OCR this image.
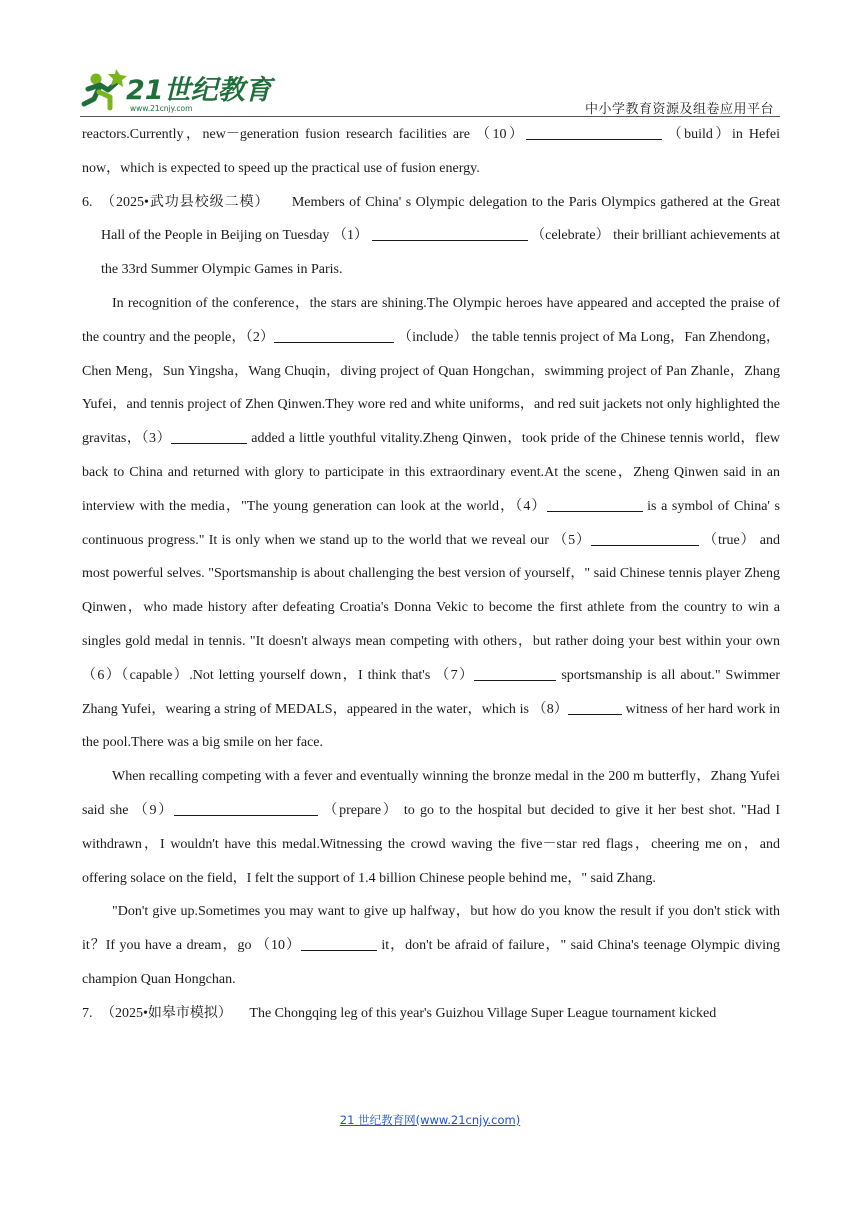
21世纪教育
www.21cnjy.com	中小学教育资源及组卷应用平台

reactors.Currently，new－generation fusion research facilities are （10）	（build）in Hefei now，which is expected to speed up the practical use of fusion energy.

6. （2025•武功县校级二模） Members of China' s Olympic delegation to the Paris Olympics gathered at the Great Hall of the People in Beijing on Tuesday （1）	（celebrate） their brilliant achievements at the 33rd Summer Olympic Games in Paris.

In recognition of the conference，the stars are shining.The Olympic heroes have appeared and accepted the praise of the country and the people，（2）	（include） the table tennis project of Ma Long，Fan Zhendong，Chen Meng，Sun Yingsha，Wang Chuqin，diving project of Quan Hongchan，swimming project of Pan Zhanle，Zhang Yufei，and tennis project of Zhen Qinwen.They wore red and white uniforms，and red suit jackets not only highlighted the gravitas，（3）	added a little youthful vitality.Zheng Qinwen，took pride of the Chinese tennis world，flew back to China and returned with glory to participate in this extraordinary event.At the scene，Zheng Qinwen said in an interview with the media，"The young generation can look at the world，（4）	is a symbol of China' s continuous progress." It is only when we stand up to the world that we reveal our （5）	（true） and most powerful selves. "Sportsmanship is about challenging the best version of yourself，" said Chinese tennis player Zheng Qinwen，who made history after defeating Croatia's Donna Vekic to become the first athlete from the country to win a singles gold medal in tennis. "It doesn't always mean competing with others，but rather doing your best within your own （6）（capable）.Not letting yourself down，I think that's （7）	sportsmanship is all about." Swimmer Zhang Yufei，wearing a string of MEDALS，appeared in the water，which is （8）	witness of her hard work in the pool.There was a big smile on her face.

When recalling competing with a fever and eventually winning the bronze medal in the 200 m butterfly，Zhang Yufei said she （9）	（prepare） to go to the hospital but decided to give it her best shot. "Had I withdrawn，I wouldn't have this medal.Witnessing the crowd waving the five－star red flags，cheering me on，and offering solace on the field，I felt the support of 1.4 billion Chinese people behind me，" said Zhang.

"Don't give up.Sometimes you may want to give up halfway，but how do you know the result if you don't stick with it？If you have a dream，go （10）	it，don't be afraid of failure，" said China's teenage Olympic diving champion Quan Hongchan.

7. （2025•如皋市模拟） The Chongqing leg of this year's Guizhou Village Super League tournament kicked
21 世纪教育网(www.21cnjy.com)
